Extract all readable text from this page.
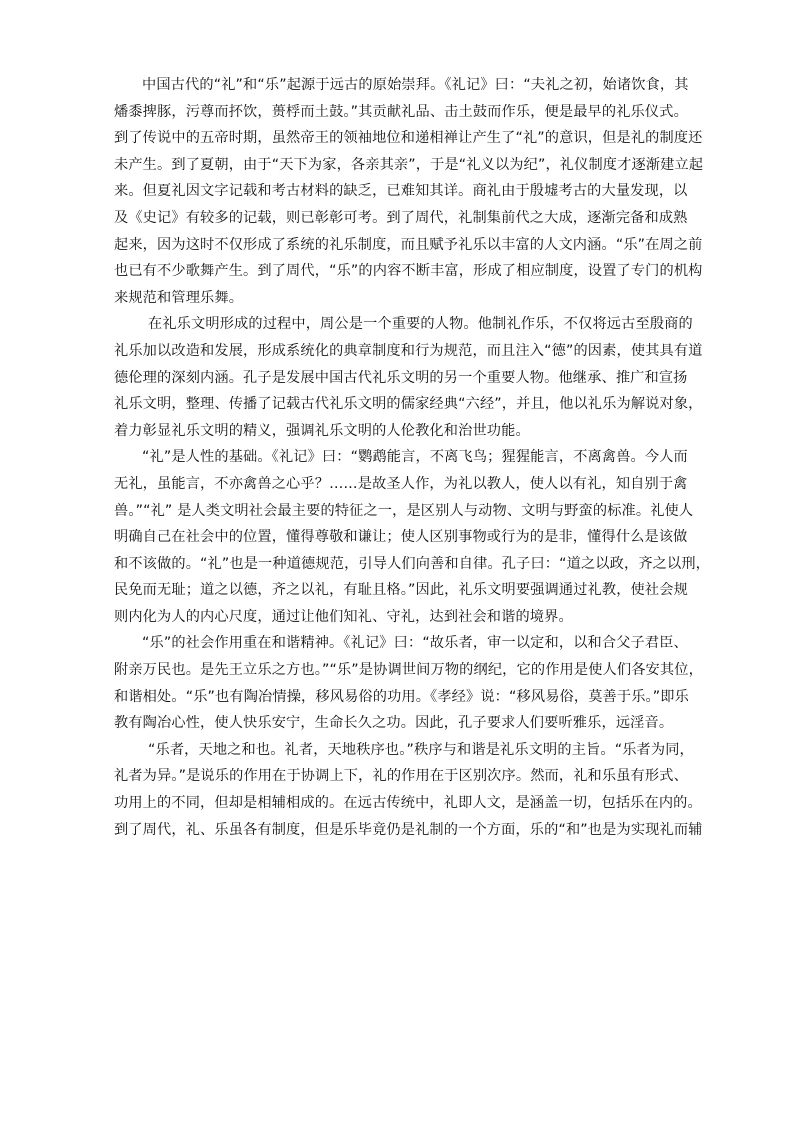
中国古代的“礼”和“乐”起源于远古的原始崇拜。《礼记》曰：“夫礼之初，始诸饮食，其
燔黍捭豚，污尊而抔饮，蒉桴而土鼓。”其贡献礼品、击土鼓而作乐，便是最早的礼乐仪式。
到了传说中的五帝时期，虽然帝王的领袖地位和递相禅让产生了“礼”的意识，但是礼的制度还
未产生。到了夏朝，由于“天下为家，各亲其亲”，于是“礼义以为纪”，礼仪制度才逐渐建立起
来。但夏礼因文字记载和考古材料的缺乏，已难知其详。商礼由于殷墟考古的大量发现，以
及《史记》有较多的记载，则已彰彰可考。到了周代，礼制集前代之大成，逐渐完备和成熟
起来，因为这时不仅形成了系统的礼乐制度，而且赋予礼乐以丰富的人文内涵。“乐”在周之前
也已有不少歌舞产生。到了周代，“乐”的内容不断丰富，形成了相应制度，设置了专门的机构
来规范和管理乐舞。
在礼乐文明形成的过程中，周公是一个重要的人物。他制礼作乐，不仅将远古至殷商的
礼乐加以改造和发展，形成系统化的典章制度和行为规范，而且注入“德”的因素，使其具有道
德伦理的深刻内涵。孔子是发展中国古代礼乐文明的另一个重要人物。他继承、推广和宣扬
礼乐文明，整理、传播了记载古代礼乐文明的儒家经典“六经”，并且，他以礼乐为解说对象，
着力彰显礼乐文明的精义，强调礼乐文明的人伦教化和治世功能。
“礼”是人性的基础。《礼记》曰：“鹦鹉能言，不离飞鸟；猩猩能言，不离禽兽。今人而
无礼，虽能言，不亦禽兽之心乎？……是故圣人作，为礼以教人，使人以有礼，知自别于禽
兽。”“礼” 是人类文明社会最主要的特征之一，是区别人与动物、文明与野蛮的标准。礼使人
明确自己在社会中的位置，懂得尊敬和谦让；使人区别事物或行为的是非，懂得什么是该做
和不该做的。“礼”也是一种道德规范，引导人们向善和自律。孔子曰：“道之以政，齐之以刑，
民免而无耻；道之以德，齐之以礼，有耻且格。”因此，礼乐文明要强调通过礼教，使社会规
则内化为人的内心尺度，通过让他们知礼、守礼，达到社会和谐的境界。
“乐”的社会作用重在和谐精神。《礼记》曰：“故乐者，审一以定和，以和合父子君臣、
附亲万民也。是先王立乐之方也。”“乐”是协调世间万物的纲纪，它的作用是使人们各安其位，
和谐相处。“乐”也有陶冶情操，移风易俗的功用。《孝经》说：“移风易俗，莫善于乐。”即乐
教有陶冶心性，使人快乐安宁，生命长久之功。因此，孔子要求人们要听雅乐，远淫音。
“乐者，天地之和也。礼者，天地秩序也。”秩序与和谐是礼乐文明的主旨。“乐者为同，
礼者为异。”是说乐的作用在于协调上下，礼的作用在于区别次序。然而，礼和乐虽有形式、
功用上的不同，但却是相辅相成的。在远古传统中，礼即人文，是涵盖一切，包括乐在内的。
到了周代，礼、乐虽各有制度，但是乐毕竟仍是礼制的一个方面，乐的“和”也是为实现礼而辅
